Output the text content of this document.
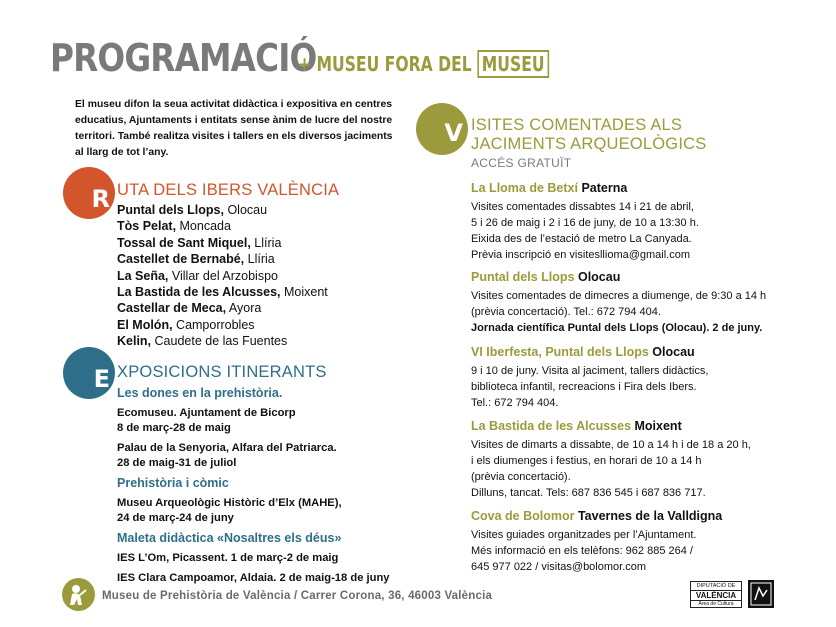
PROGRAMACIÓ
+ MUSEU FORA DEL MUSEU
El museu difon la seua activitat didàctica i expositiva en centres educatius, Ajuntaments i entitats sense ànim de lucre del nostre territori. També realitza visites i tallers en els diversos jaciments al llarg de tot l’any.
R UTA DELS IBERS VALÈNCIA
Puntal dels Llops, Olocau
Tòs Pelat, Moncada
Tossal de Sant Miquel, Llíria
Castellet de Bernabé, Llíria
La Seña, Villar del Arzobispo
La Bastida de les Alcusses, Moixent
Castellar de Meca, Ayora
El Molón, Camporrobles
Kelin, Caudete de las Fuentes
E XPOSICIONS ITINERANTS
Les dones en la prehistòria.
Ecomuseu. Ajuntament de Bicorp
8 de març-28 de maig
Palau de la Senyoria, Alfara del Patriarca.
28 de maig-31 de juliol
Prehistòria i còmic
Museu Arqueològic Històric d’Elx (MAHE),
24 de març-24 de juny
Maleta didàctica «Nosaltres els déus»
IES L’Om, Picassent. 1 de març-2 de maig
IES Clara Campoamor, Aldaia. 2 de maig-18 de juny
V ISITES COMENTADES ALS
JACIMENTS ARQUEOLÒGICS
ACCÉS GRATUÏT
La Lloma de Betxí Paterna
Visites comentades dissabtes 14 i 21 de abril,
5 i 26 de maig i 2 i 16 de juny, de 10 a 13:30 h.
Eixida des de l’estació de metro La Canyada.
Prèvia inscripció en visitesllioma@gmail.com
Puntal dels Llops Olocau
Visites comentades de dimecres a diumenge, de 9:30 a 14 h
(prèvia concertació). Tel.: 672 794 404.
Jornada científica Puntal dels Llops (Olocau). 2 de juny.
VI Iberfesta, Puntal dels Llops Olocau
9 i 10 de juny. Visita al jaciment, tallers didàctics,
biblioteca infantil, recreacions i Fira dels Ibers.
Tel.: 672 794 404.
La Bastida de les Alcusses Moixent
Visites de dimarts a dissabte, de 10 a 14 h i de 18 a 20 h,
i els diumenges i festius, en horari de 10 a 14 h
(prèvia concertació).
Dilluns, tancat. Tels: 687 836 545 i 687 836 717.
Cova de Bolomor Tavernes de la Valldigna
Visites guiades organitzades per l’Ajuntament.
Més informació en els telèfons: 962 885 264 /
645 977 022 / visitas@bolomor.com
Museu de Prehistòria de València / Carrer Corona, 36, 46003 València
DIPUTACIÓ DE
VALÈNCIA
Àrea de Cultura
